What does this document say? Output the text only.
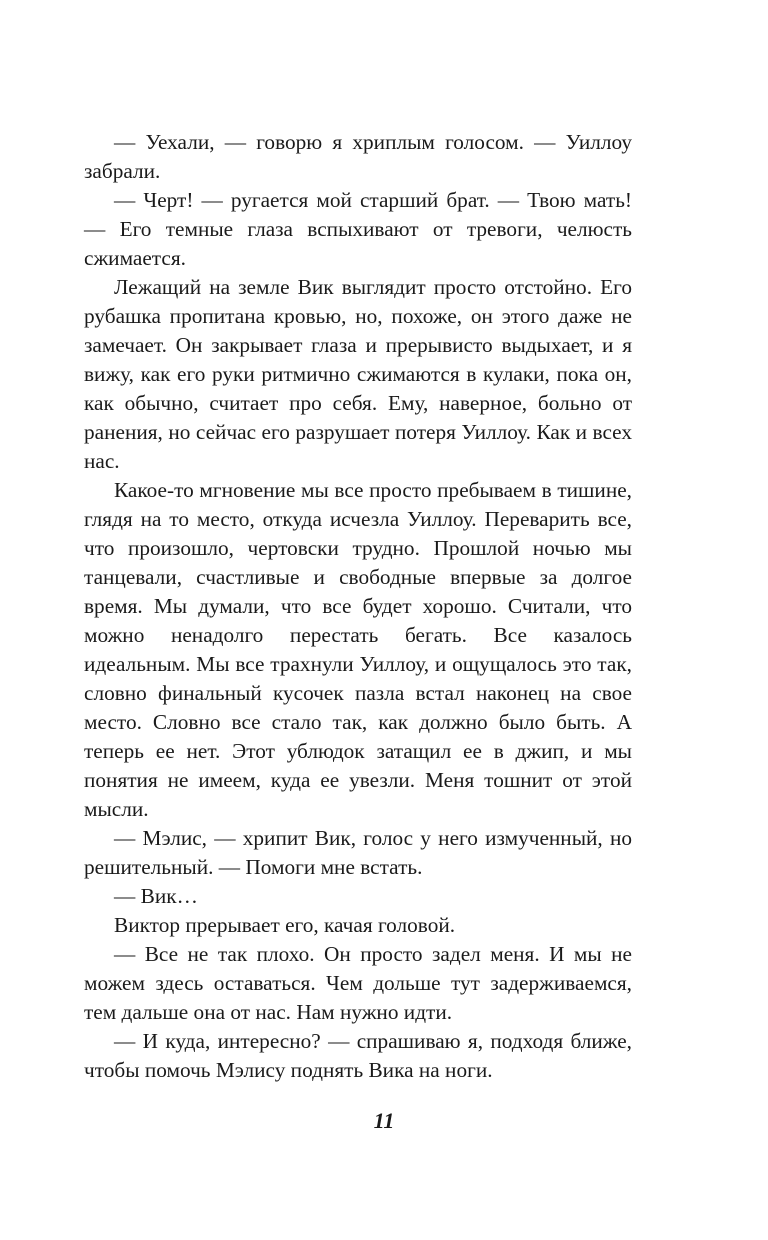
— Уехали, — говорю я хриплым голосом. — Уиллоу забрали.

— Черт! — ругается мой старший брат. — Твою мать! — Его темные глаза вспыхивают от тревоги, челюсть сжимается.

Лежащий на земле Вик выглядит просто отстойно. Его рубашка пропитана кровью, но, похоже, он этого даже не замечает. Он закрывает глаза и прерывисто выдыхает, и я вижу, как его руки ритмично сжимаются в кулаки, пока он, как обычно, считает про себя. Ему, наверное, больно от ранения, но сейчас его разрушает потеря Уиллоу. Как и всех нас.

Какое-то мгновение мы все просто пребываем в тишине, глядя на то место, откуда исчезла Уиллоу. Переварить все, что произошло, чертовски трудно. Прошлой ночью мы танцевали, счастливые и свободные впервые за долгое время. Мы думали, что все будет хорошо. Считали, что можно ненадолго перестать бегать. Все казалось идеальным. Мы все трахнули Уиллоу, и ощущалось это так, словно финальный кусочек пазла встал наконец на свое место. Словно все стало так, как должно было быть. А теперь ее нет. Этот ублюдок затащил ее в джип, и мы понятия не имеем, куда ее увезли. Меня тошнит от этой мысли.

— Мэлис, — хрипит Вик, голос у него измученный, но решительный. — Помоги мне встать.

— Вик…

Виктор прерывает его, качая головой.

— Все не так плохо. Он просто задел меня. И мы не можем здесь оставаться. Чем дольше тут задерживаемся, тем дальше она от нас. Нам нужно идти.

— И куда, интересно? — спрашиваю я, подходя ближе, чтобы помочь Мэлису поднять Вика на ноги.

11
